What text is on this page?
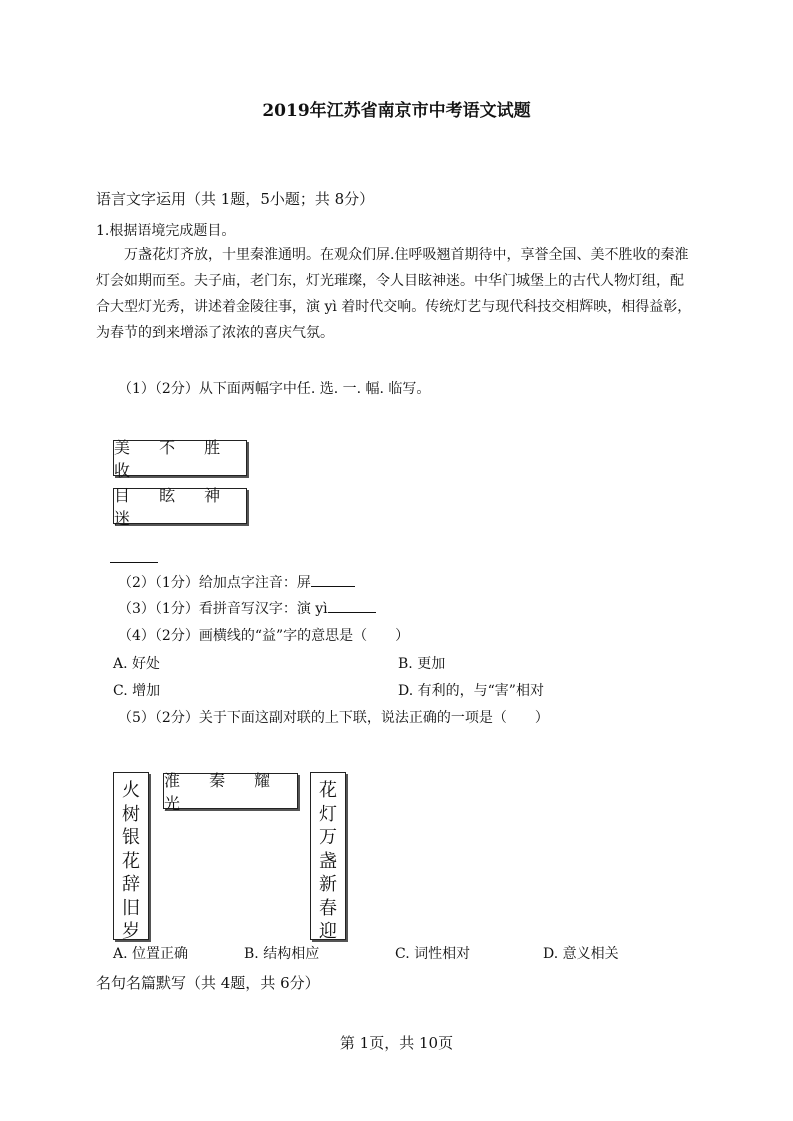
2019年江苏省南京市中考语文试题
语言文字运用（共 1题，5小题；共 8分）
1.根据语境完成题目。
万盏花灯齐放，十里秦淮通明。在观众们屏.住呼吸翘首期待中，享誉全国、美不胜收的秦淮灯会如期而至。夫子庙，老门东，灯光璀璨，令人目眩神迷。中华门城堡上的古代人物灯组，配合大型灯光秀，讲述着金陵往事，演 yì 着时代交响。传统灯艺与现代科技交相辉映，相得益彰，为春节的到来增添了浓浓的喜庆气氛。
（1）（2分）从下面两幅字中任. 选. 一. 幅. 临写。
美 不 胜 收
目 眩 神 迷
（2）（1分）给加点字注音：屏
（3）（1分）看拼音写汉字：演 yì
（4）（2分）画横线的“益”字的意思是（　　）
A. 好处	B. 更加
C. 增加	D. 有利的，与“害”相对
（5）（2分）关于下面这副对联的上下联，说法正确的一项是（　　）
火
树
银
花
辞
旧
岁
淮 秦 耀 光
花
灯
万
盏
新
春
迎
A. 位置正确	B. 结构相应	C. 词性相对	D. 意义相关
名句名篇默写（共 4题，共 6分）
第 1页，共 10页
